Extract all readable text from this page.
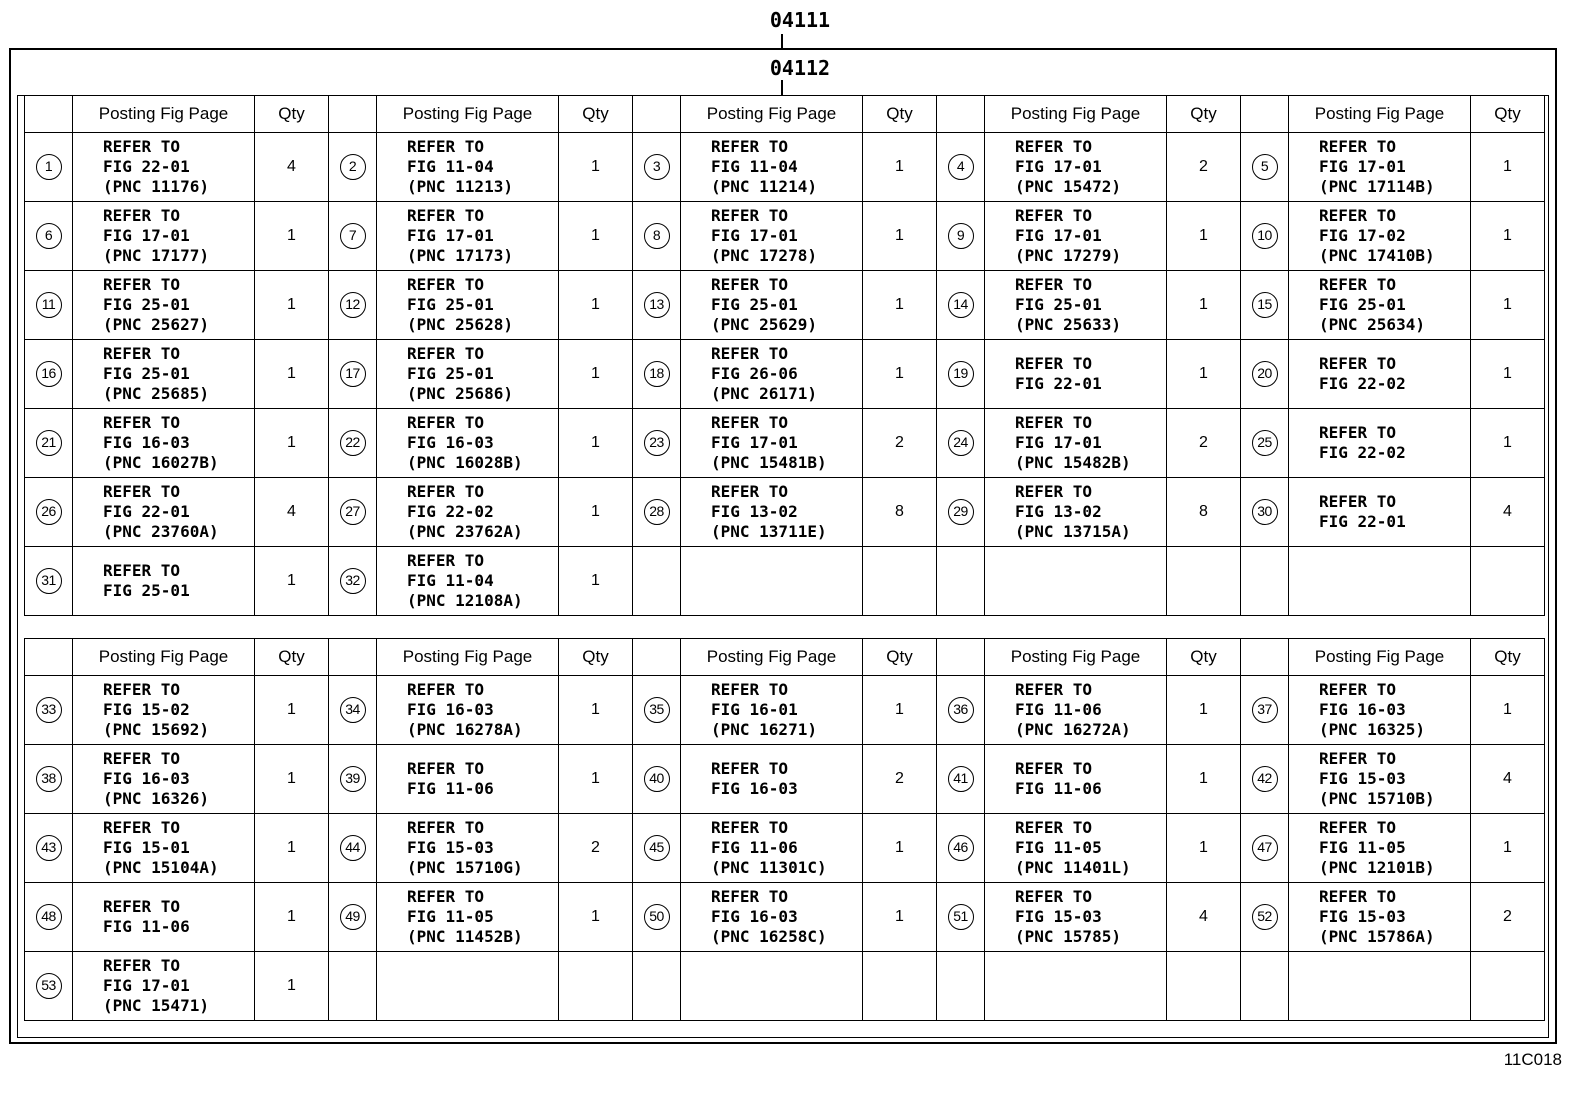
04111
04112
	Posting Fig Page	Qty		Posting Fig Page	Qty		Posting Fig Page	Qty		Posting Fig Page	Qty		Posting Fig Page	Qty
1	REFER TO
FIG 22-01
(PNC 11176)	4	2	REFER TO
FIG 11-04
(PNC 11213)	1	3	REFER TO
FIG 11-04
(PNC 11214)	1	4	REFER TO
FIG 17-01
(PNC 15472)	2	5	REFER TO
FIG 17-01
(PNC 17114B)	1
6	REFER TO
FIG 17-01
(PNC 17177)	1	7	REFER TO
FIG 17-01
(PNC 17173)	1	8	REFER TO
FIG 17-01
(PNC 17278)	1	9	REFER TO
FIG 17-01
(PNC 17279)	1	10	REFER TO
FIG 17-02
(PNC 17410B)	1
11	REFER TO
FIG 25-01
(PNC 25627)	1	12	REFER TO
FIG 25-01
(PNC 25628)	1	13	REFER TO
FIG 25-01
(PNC 25629)	1	14	REFER TO
FIG 25-01
(PNC 25633)	1	15	REFER TO
FIG 25-01
(PNC 25634)	1
16	REFER TO
FIG 25-01
(PNC 25685)	1	17	REFER TO
FIG 25-01
(PNC 25686)	1	18	REFER TO
FIG 26-06
(PNC 26171)	1	19	REFER TO
FIG 22-01	1	20	REFER TO
FIG 22-02	1
21	REFER TO
FIG 16-03
(PNC 16027B)	1	22	REFER TO
FIG 16-03
(PNC 16028B)	1	23	REFER TO
FIG 17-01
(PNC 15481B)	2	24	REFER TO
FIG 17-01
(PNC 15482B)	2	25	REFER TO
FIG 22-02	1
26	REFER TO
FIG 22-01
(PNC 23760A)	4	27	REFER TO
FIG 22-02
(PNC 23762A)	1	28	REFER TO
FIG 13-02
(PNC 13711E)	8	29	REFER TO
FIG 13-02
(PNC 13715A)	8	30	REFER TO
FIG 22-01	4
31	REFER TO
FIG 25-01	1	32	REFER TO
FIG 11-04
(PNC 12108A)	1									
	Posting Fig Page	Qty		Posting Fig Page	Qty		Posting Fig Page	Qty		Posting Fig Page	Qty		Posting Fig Page	Qty
33	REFER TO
FIG 15-02
(PNC 15692)	1	34	REFER TO
FIG 16-03
(PNC 16278A)	1	35	REFER TO
FIG 16-01
(PNC 16271)	1	36	REFER TO
FIG 11-06
(PNC 16272A)	1	37	REFER TO
FIG 16-03
(PNC 16325)	1
38	REFER TO
FIG 16-03
(PNC 16326)	1	39	REFER TO
FIG 11-06	1	40	REFER TO
FIG 16-03	2	41	REFER TO
FIG 11-06	1	42	REFER TO
FIG 15-03
(PNC 15710B)	4
43	REFER TO
FIG 15-01
(PNC 15104A)	1	44	REFER TO
FIG 15-03
(PNC 15710G)	2	45	REFER TO
FIG 11-06
(PNC 11301C)	1	46	REFER TO
FIG 11-05
(PNC 11401L)	1	47	REFER TO
FIG 11-05
(PNC 12101B)	1
48	REFER TO
FIG 11-06	1	49	REFER TO
FIG 11-05
(PNC 11452B)	1	50	REFER TO
FIG 16-03
(PNC 16258C)	1	51	REFER TO
FIG 15-03
(PNC 15785)	4	52	REFER TO
FIG 15-03
(PNC 15786A)	2
53	REFER TO
FIG 17-01
(PNC 15471)	1												
11C018
